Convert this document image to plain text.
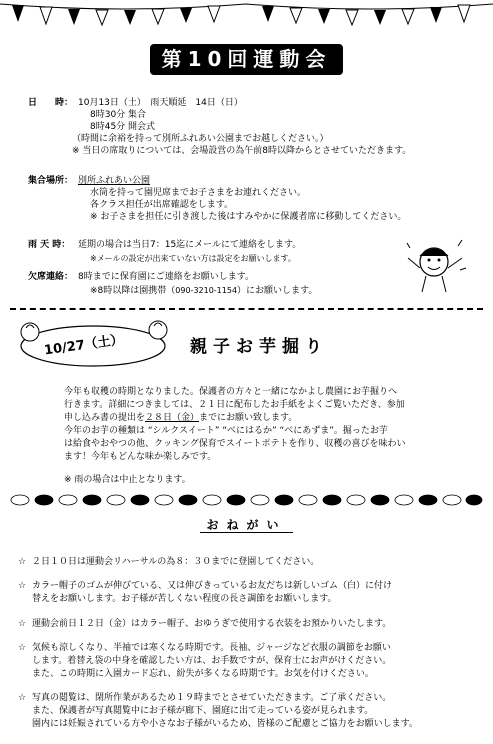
第10回運動会
日　　時： 10月13日（土）　雨天順延　14日（日）
8時30分 集合
8時45分 開会式
（時間に余裕を持って別所ふれあい公園までお越しください。）
※ 当日の席取りについては、会場設営の為午前8時以降からとさせていただきます。
集合場所： 別所ふれあい公園
水筒を持って園児席までお子さまをお連れください。
各クラス担任が出席確認をします。
※ お子さまを担任に引き渡した後はすみやかに保護者席に移動してください。
雨 天 時： 延期の場合は当日7：15迄にメールにて連絡をします。
※メールの設定が出来ていない方は設定をお願いします。
欠席連絡： 8時までに保育園にご連絡をお願いします。
※8時以降は園携帯（090-3210-1154）にお願いします。
10/27（土）	親子お芋掘り
今年も収穫の時期となりました。保護者の方々と一緒になかよし農園にお芋掘りへ
行きます。詳細につきましては、２１日に配布したお手紙をよくご覧いただき、参加
申し込み書の提出を２８日（金）までにお願い致します。
今年のお芋の種類は “シルクスイート” “べにはるか” “べにあずま”。掘ったお芋
は給食やおやつの他、クッキング保育でスイートポテトを作り、収穫の喜びを味わい
ます！今年もどんな味か楽しみです。
※ 雨の場合は中止となります。
おねがい
☆ ２日１０日は運動会リハーサルの為８：３０までに登園してください。
☆ カラー帽子のゴムが伸びている、又は伸びきっているお友だちは新しいゴム（白）に付け
替えをお願いします。お子様が苦しくない程度の長さ調節をお願いします。
☆ 運動会前日１２日（金）はカラー帽子、おゆうぎで使用する衣装をお預かりいたします。
☆ 気候も涼しくなり、半袖では寒くなる時期です。長袖、ジャージなど衣服の調節をお願い
します。着替え袋の中身を確認したい方は、お手数ですが、保育士にお声がけください。
また、この時期に入園カード忘れ、紛失が多くなる時期です。お気を付けください。
☆ 写真の閲覧は、閉所作業があるため１９時までとさせていただきます。ご了承ください。
また、保護者が写真閲覧中にお子様が廊下、園庭に出て走っている姿が見られます。
園内には妊娠されている方や小さなお子様がいるため、皆様のご配慮とご協力をお願いします。
